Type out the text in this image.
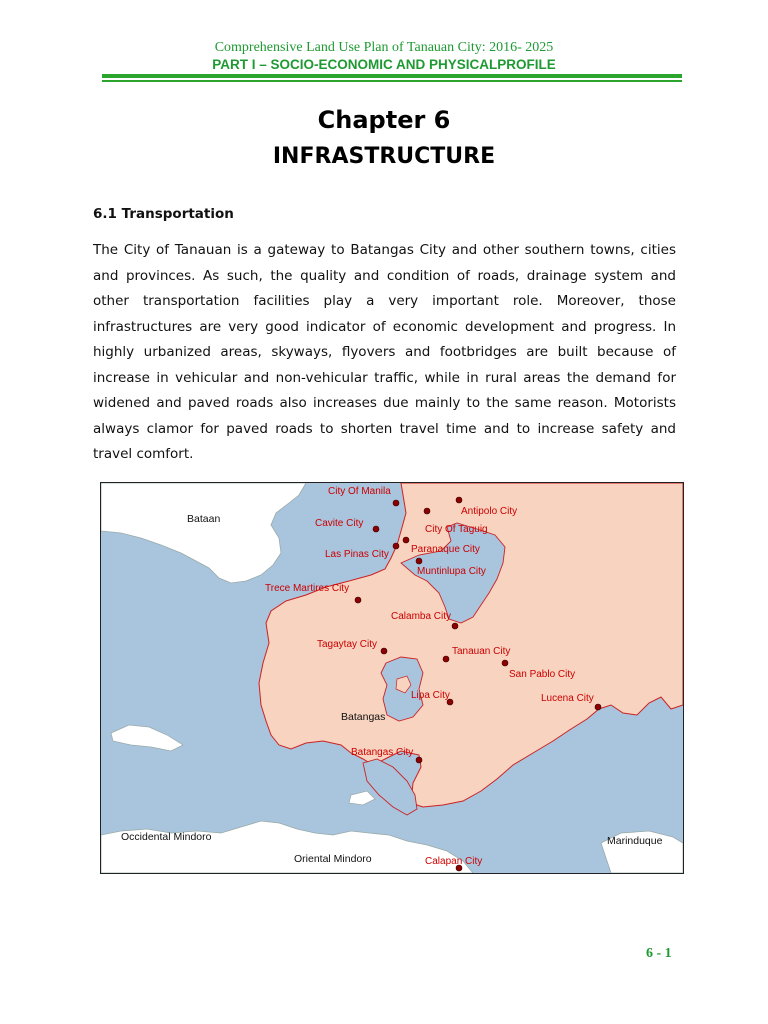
Comprehensive Land Use Plan of Tanauan City: 2016- 2025
PART I – SOCIO-ECONOMIC AND PHYSICALPROFILE
Chapter 6
INFRASTRUCTURE
6.1 Transportation
The City of Tanauan is a gateway to Batangas City and other southern towns, cities and provinces. As such, the quality and condition of roads, drainage system and other transportation facilities play a very important role. Moreover, those infrastructures are very good indicator of economic development and progress. In highly urbanized areas, skyways, flyovers and footbridges are built because of increase in vehicular and non-vehicular traffic, while in rural areas the demand for widened and paved roads also increases due mainly to the same reason. Motorists always clamor for paved roads to shorten travel time and to increase safety and travel comfort.
City Of Manila
Antipolo City
City Of Taguig
Cavite City
Las Pinas City Paranaque City
Muntinlupa City
Trece Martires City
Calamba City
Tagaytay City
Tanauan City
San Pablo City
Lipa City	Lucena City
Batangas City
Calapan City
Bataan
Batangas
Occidental Mindoro
Oriental Mindoro
Marinduque
6 - 1
